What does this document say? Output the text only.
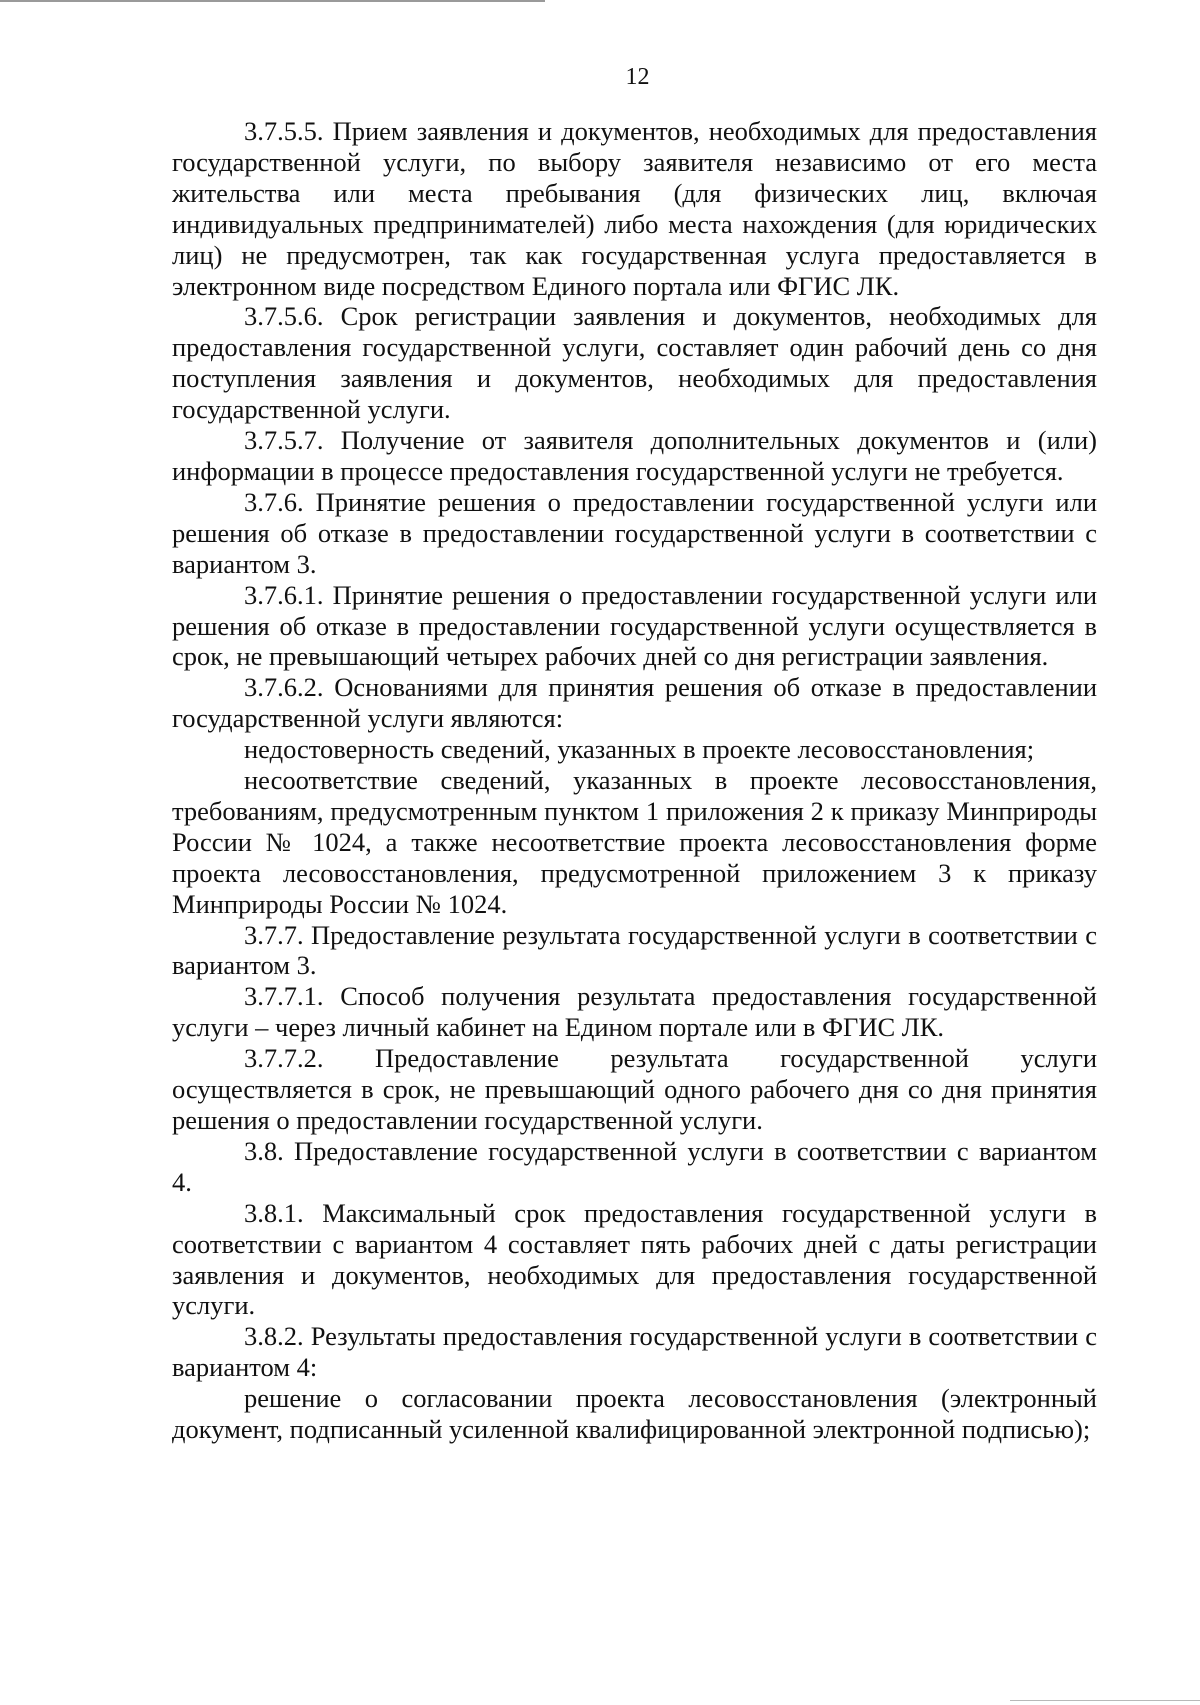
12

3.7.5.5. Прием заявления и документов, необходимых для предоставления государственной услуги, по выбору заявителя независимо от его места жительства или места пребывания (для физических лиц, включая индивидуальных предпринимателей) либо места нахождения (для юридических лиц) не предусмотрен, так как государственная услуга предоставляется в электронном виде посредством Единого портала или ФГИС ЛК.

3.7.5.6. Срок регистрации заявления и документов, необходимых для предоставления государственной услуги, составляет один рабочий день со дня поступления заявления и документов, необходимых для предоставления государственной услуги.

3.7.5.7. Получение от заявителя дополнительных документов и (или) информации в процессе предоставления государственной услуги не требуется.

3.7.6. Принятие решения о предоставлении государственной услуги или решения об отказе в предоставлении государственной услуги в соответствии с вариантом 3.

3.7.6.1. Принятие решения о предоставлении государственной услуги или решения об отказе в предоставлении государственной услуги осуществляется в срок, не превышающий четырех рабочих дней со дня регистрации заявления.

3.7.6.2. Основаниями для принятия решения об отказе в предоставлении государственной услуги являются:

недостоверность сведений, указанных в проекте лесовосстановления;

несоответствие сведений, указанных в проекте лесовосстановления, требованиям, предусмотренным пунктом 1 приложения 2 к приказу Минприроды России № 1024, а также несоответствие проекта лесовосстановления форме проекта лесовосстановления, предусмотренной приложением 3 к приказу Минприроды России № 1024.

3.7.7. Предоставление результата государственной услуги в соответствии с вариантом 3.

3.7.7.1. Способ получения результата предоставления государственной услуги – через личный кабинет на Едином портале или в ФГИС ЛК.

3.7.7.2. Предоставление результата государственной услуги осуществляется в срок, не превышающий одного рабочего дня со дня принятия решения о предоставлении государственной услуги.

3.8. Предоставление государственной услуги в соответствии с вариантом 4.

3.8.1. Максимальный срок предоставления государственной услуги в соответствии с вариантом 4 составляет пять рабочих дней с даты регистрации заявления и документов, необходимых для предоставления государственной услуги.

3.8.2. Результаты предоставления государственной услуги в соответствии с вариантом 4:

решение о согласовании проекта лесовосстановления (электронный документ, подписанный усиленной квалифицированной электронной подписью);
